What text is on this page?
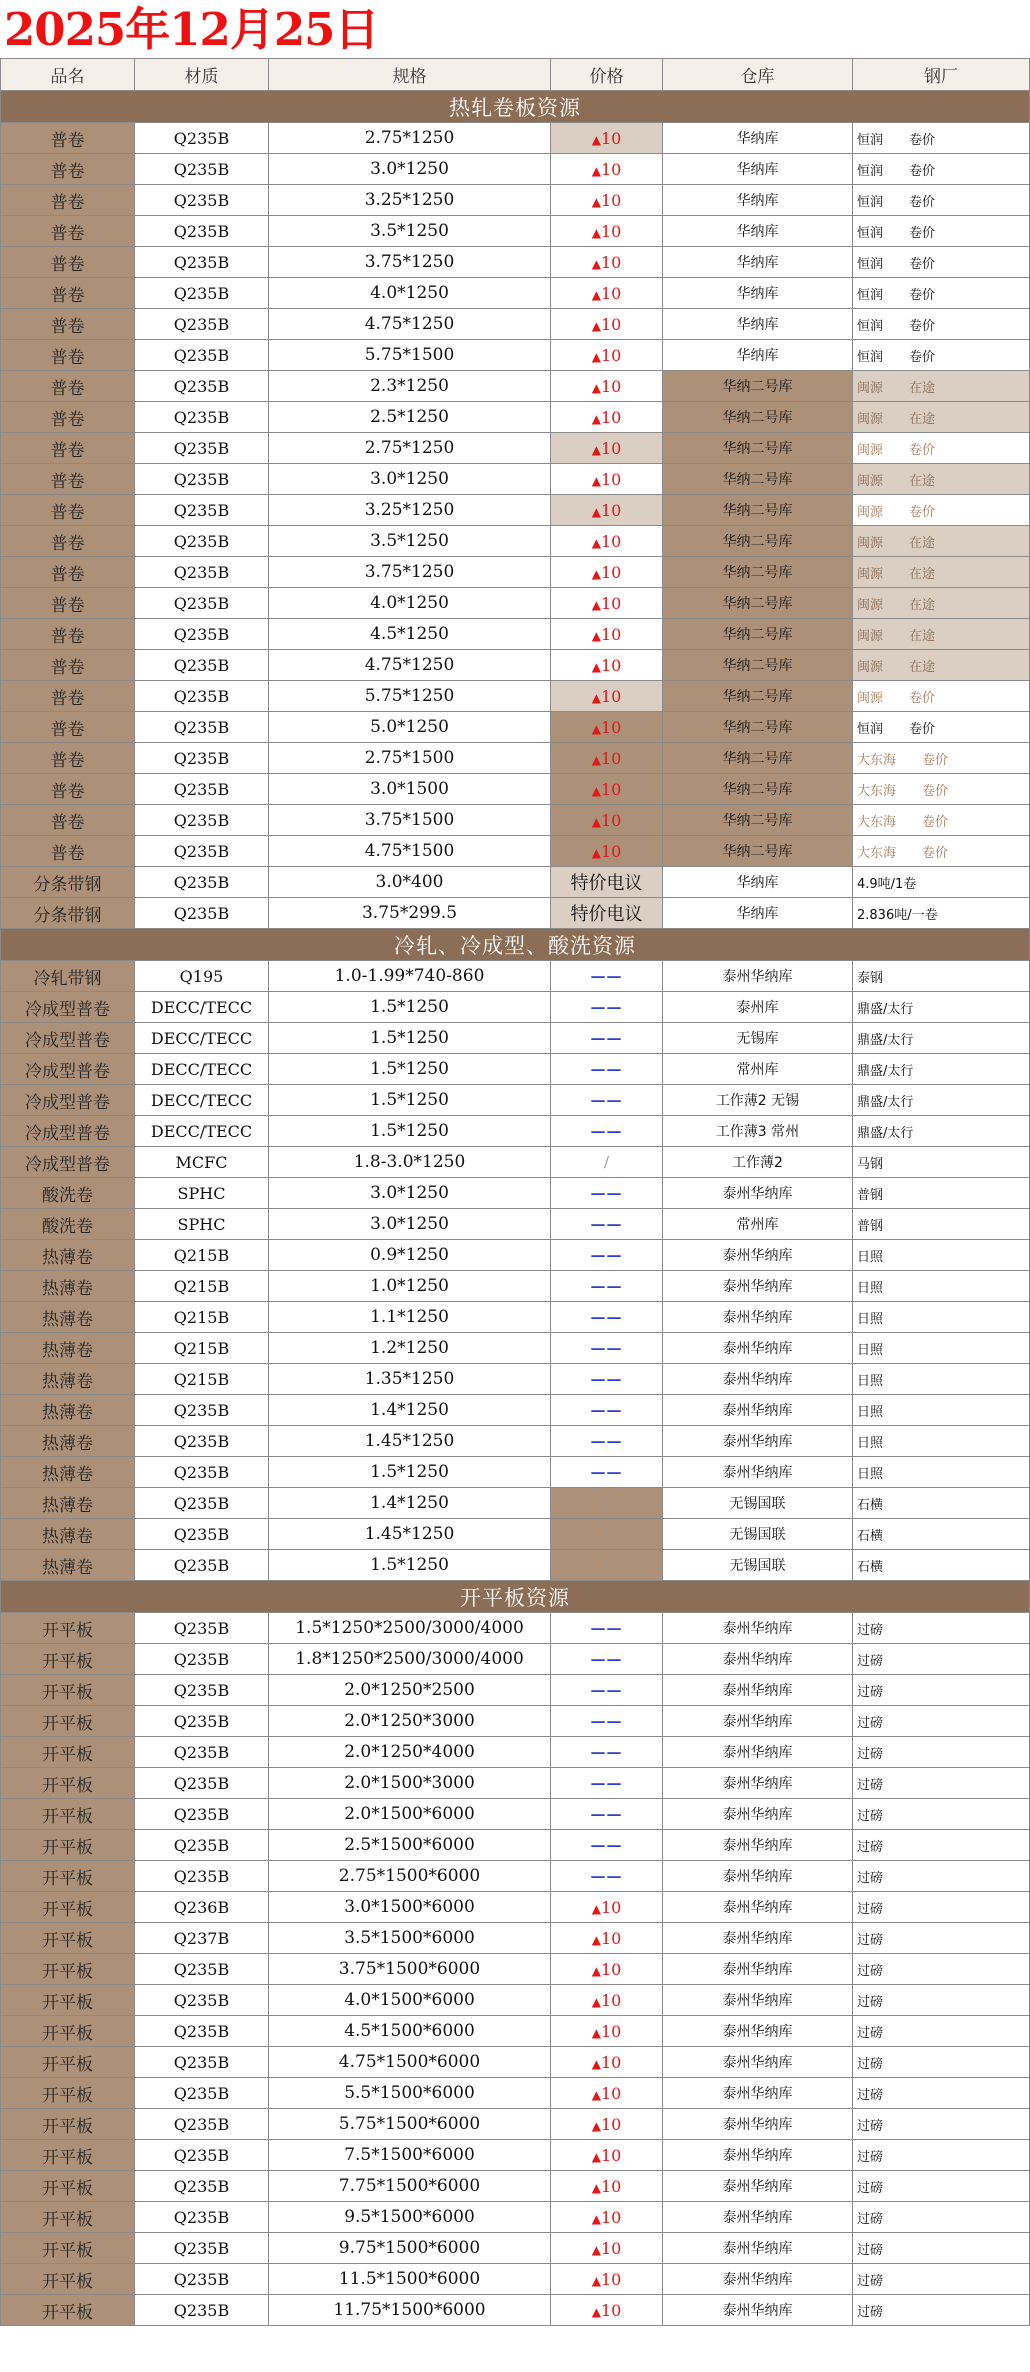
2025年12月25日
品名	材质	规格	价格	仓库	钢厂
热轧卷板资源					
普卷	Q235B	2.75*1250	▲10	华纳库	恒润 卷价
普卷	Q235B	3.0*1250	▲10	华纳库	恒润 卷价
普卷	Q235B	3.25*1250	▲10	华纳库	恒润 卷价
普卷	Q235B	3.5*1250	▲10	华纳库	恒润 卷价
普卷	Q235B	3.75*1250	▲10	华纳库	恒润 卷价
普卷	Q235B	4.0*1250	▲10	华纳库	恒润 卷价
普卷	Q235B	4.75*1250	▲10	华纳库	恒润 卷价
普卷	Q235B	5.75*1500	▲10	华纳库	恒润 卷价
普卷	Q235B	2.3*1250	▲10	华纳二号库	闽源 在途
普卷	Q235B	2.5*1250	▲10	华纳二号库	闽源 在途
普卷	Q235B	2.75*1250	▲10	华纳二号库	闽源 卷价
普卷	Q235B	3.0*1250	▲10	华纳二号库	闽源 在途
普卷	Q235B	3.25*1250	▲10	华纳二号库	闽源 卷价
普卷	Q235B	3.5*1250	▲10	华纳二号库	闽源 在途
普卷	Q235B	3.75*1250	▲10	华纳二号库	闽源 在途
普卷	Q235B	4.0*1250	▲10	华纳二号库	闽源 在途
普卷	Q235B	4.5*1250	▲10	华纳二号库	闽源 在途
普卷	Q235B	4.75*1250	▲10	华纳二号库	闽源 在途
普卷	Q235B	5.75*1250	▲10	华纳二号库	闽源 卷价
普卷	Q235B	5.0*1250	▲10	华纳二号库	恒润 卷价
普卷	Q235B	2.75*1500	▲10	华纳二号库	大东海 卷价
普卷	Q235B	3.0*1500	▲10	华纳二号库	大东海 卷价
普卷	Q235B	3.75*1500	▲10	华纳二号库	大东海 卷价
普卷	Q235B	4.75*1500	▲10	华纳二号库	大东海 卷价
分条带钢	Q235B	3.0*400	特价电议	华纳库	4.9吨/1卷
分条带钢	Q235B	3.75*299.5	特价电议	华纳库	2.836吨/一卷
冷轧、冷成型、酸洗资源					
冷轧带钢	Q195	1.0-1.99*740-860	——	泰州华纳库	泰钢
冷成型普卷	DECC/TECC	1.5*1250	——	泰州库	鼎盛/太行
冷成型普卷	DECC/TECC	1.5*1250	——	无锡库	鼎盛/太行
冷成型普卷	DECC/TECC	1.5*1250	——	常州库	鼎盛/太行
冷成型普卷	DECC/TECC	1.5*1250	——	工作薄2 无锡	鼎盛/太行
冷成型普卷	DECC/TECC	1.5*1250	——	工作薄3 常州	鼎盛/太行
冷成型普卷	MCFC	1.8-3.0*1250	/	工作薄2	马钢
酸洗卷	SPHC	3.0*1250	——	泰州华纳库	普钢
酸洗卷	SPHC	3.0*1250	——	常州库	普钢
热薄卷	Q215B	0.9*1250	——	泰州华纳库	日照
热薄卷	Q215B	1.0*1250	——	泰州华纳库	日照
热薄卷	Q215B	1.1*1250	——	泰州华纳库	日照
热薄卷	Q215B	1.2*1250	——	泰州华纳库	日照
热薄卷	Q215B	1.35*1250	——	泰州华纳库	日照
热薄卷	Q235B	1.4*1250	——	泰州华纳库	日照
热薄卷	Q235B	1.45*1250	——	泰州华纳库	日照
热薄卷	Q235B	1.5*1250	——	泰州华纳库	日照
热薄卷	Q235B	1.4*1250	/	无锡国联	石横
热薄卷	Q235B	1.45*1250	/	无锡国联	石横
热薄卷	Q235B	1.5*1250	/	无锡国联	石横
开平板资源					
开平板	Q235B	1.5*1250*2500/3000/4000	——	泰州华纳库	过磅
开平板	Q235B	1.8*1250*2500/3000/4000	——	泰州华纳库	过磅
开平板	Q235B	2.0*1250*2500	——	泰州华纳库	过磅
开平板	Q235B	2.0*1250*3000	——	泰州华纳库	过磅
开平板	Q235B	2.0*1250*4000	——	泰州华纳库	过磅
开平板	Q235B	2.0*1500*3000	——	泰州华纳库	过磅
开平板	Q235B	2.0*1500*6000	——	泰州华纳库	过磅
开平板	Q235B	2.5*1500*6000	——	泰州华纳库	过磅
开平板	Q235B	2.75*1500*6000	——	泰州华纳库	过磅
开平板	Q236B	3.0*1500*6000	▲10	泰州华纳库	过磅
开平板	Q237B	3.5*1500*6000	▲10	泰州华纳库	过磅
开平板	Q235B	3.75*1500*6000	▲10	泰州华纳库	过磅
开平板	Q235B	4.0*1500*6000	▲10	泰州华纳库	过磅
开平板	Q235B	4.5*1500*6000	▲10	泰州华纳库	过磅
开平板	Q235B	4.75*1500*6000	▲10	泰州华纳库	过磅
开平板	Q235B	5.5*1500*6000	▲10	泰州华纳库	过磅
开平板	Q235B	5.75*1500*6000	▲10	泰州华纳库	过磅
开平板	Q235B	7.5*1500*6000	▲10	泰州华纳库	过磅
开平板	Q235B	7.75*1500*6000	▲10	泰州华纳库	过磅
开平板	Q235B	9.5*1500*6000	▲10	泰州华纳库	过磅
开平板	Q235B	9.75*1500*6000	▲10	泰州华纳库	过磅
开平板	Q235B	11.5*1500*6000	▲10	泰州华纳库	过磅
开平板	Q235B	11.75*1500*6000	▲10	泰州华纳库	过磅
